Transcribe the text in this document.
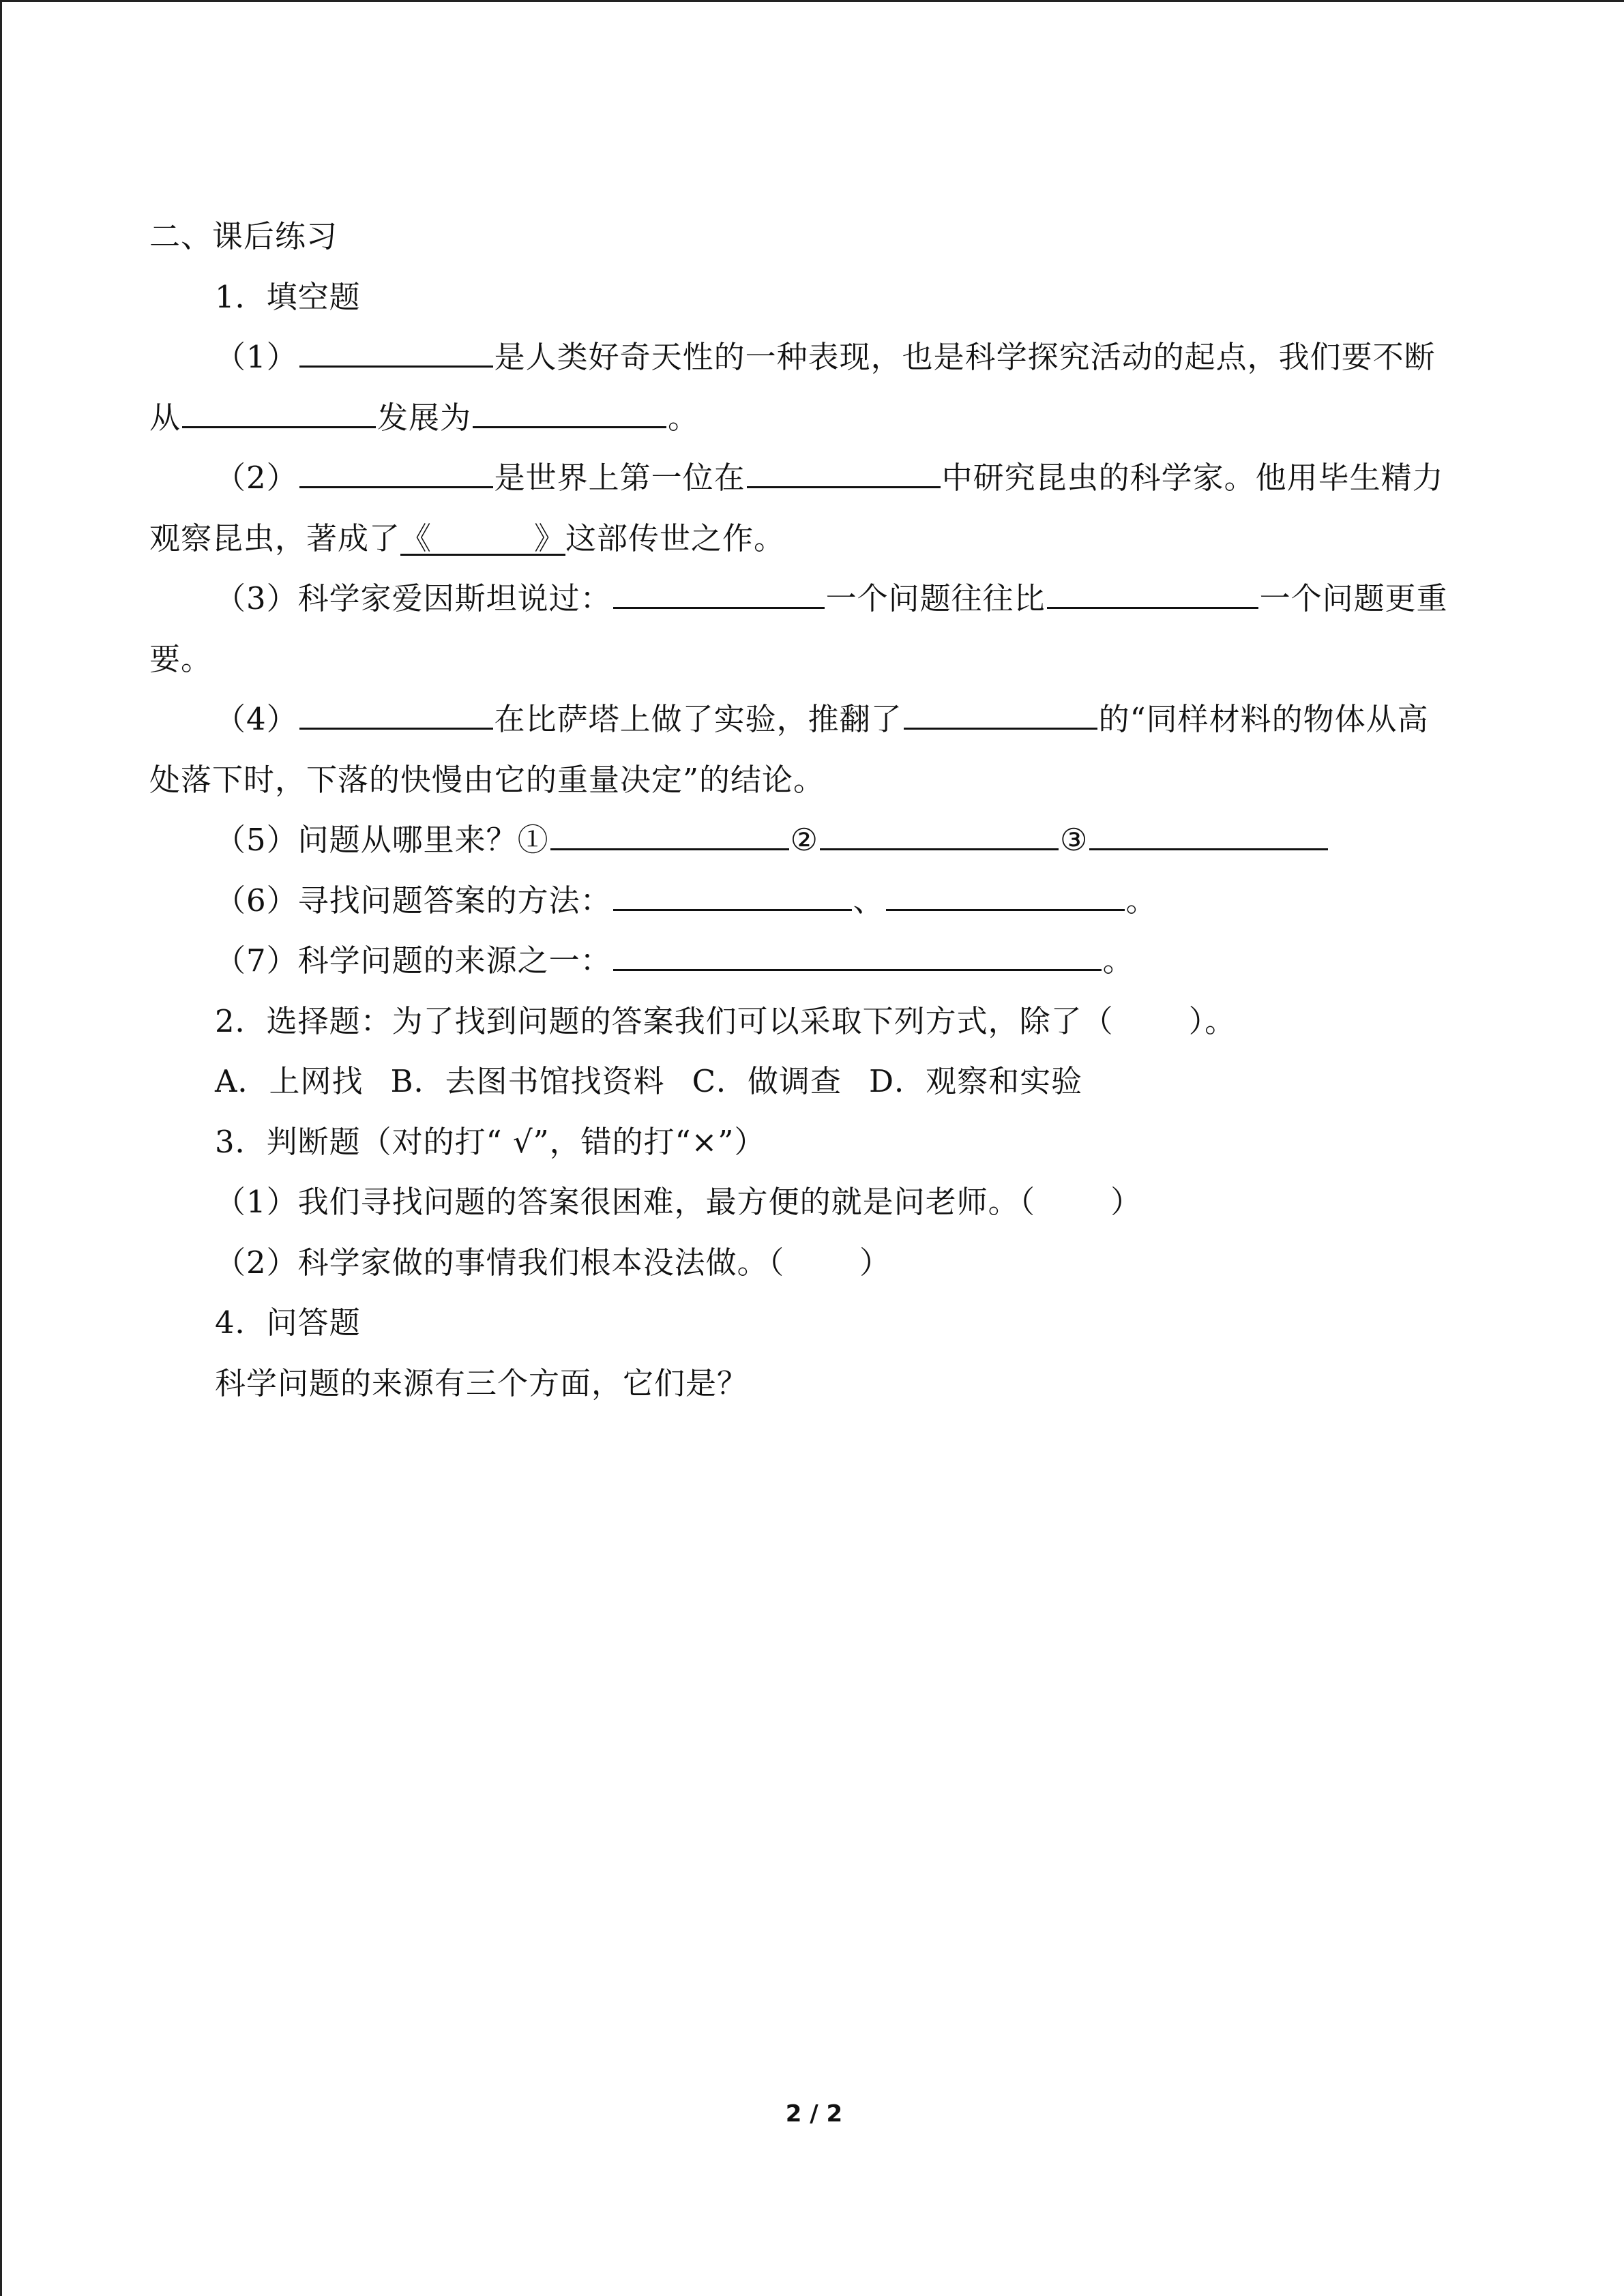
二、课后练习
1．填空题
（1）	是人类好奇天性的一种表现，也是科学探究活动的起点，我们要不断
从	发展为	。
（2）	是世界上第一位在	中研究昆虫的科学家。他用毕生精力
观察昆虫，著成了《	》这部传世之作。
（3）科学家爱因斯坦说过：	一个问题往往比	一个问题更重
要。
（4）	在比萨塔上做了实验，推翻了	的“同样材料的物体从高
处落下时，下落的快慢由它的重量决定”的结论。
（5）问题从哪里来？①	②	③
（6）寻找问题答案的方法：	、	。
（7）科学问题的来源之一：	。
2．选择题：为了找到问题的答案我们可以采取下列方式，除了（ ）。
A．上网找 B．去图书馆找资料 C．做调查 D．观察和实验
3．判断题（对的打“ √”，错的打“×”）
（1）我们寻找问题的答案很困难，最方便的就是问老师。（ ）
（2）科学家做的事情我们根本没法做。（ ）
4．问答题
科学问题的来源有三个方面，它们是？
2 / 2
